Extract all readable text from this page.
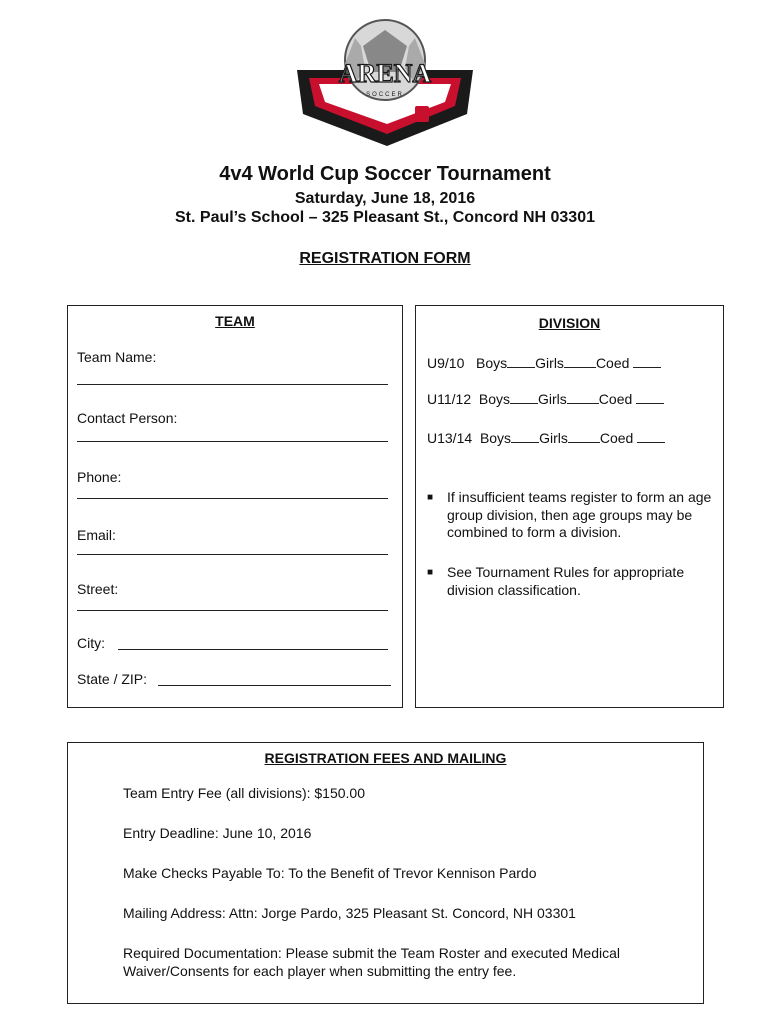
ARENA
SOCCER
4v4 World Cup Soccer Tournament
Saturday, June 18, 2016
St. Paul’s School – 325 Pleasant St., Concord NH 03301
REGISTRATION FORM
TEAM
Team Name:
Contact Person:
Phone:
Email:
Street:
City:
State / ZIP:
DIVISION
U9/10 Boys Girls Coed
U11/12 Boys Girls Coed
U13/14 Boys Girls Coed
■ If insufficient teams register to form an age group division, then age groups may be combined to form a division.
■ See Tournament Rules for appropriate division classification.
REGISTRATION FEES AND MAILING
Team Entry Fee (all divisions): $150.00
Entry Deadline: June 10, 2016
Make Checks Payable To: To the Benefit of Trevor Kennison Pardo
Mailing Address: Attn: Jorge Pardo, 325 Pleasant St. Concord, NH 03301
Required Documentation: Please submit the Team Roster and executed Medical Waiver/Consents for each player when submitting the entry fee.
